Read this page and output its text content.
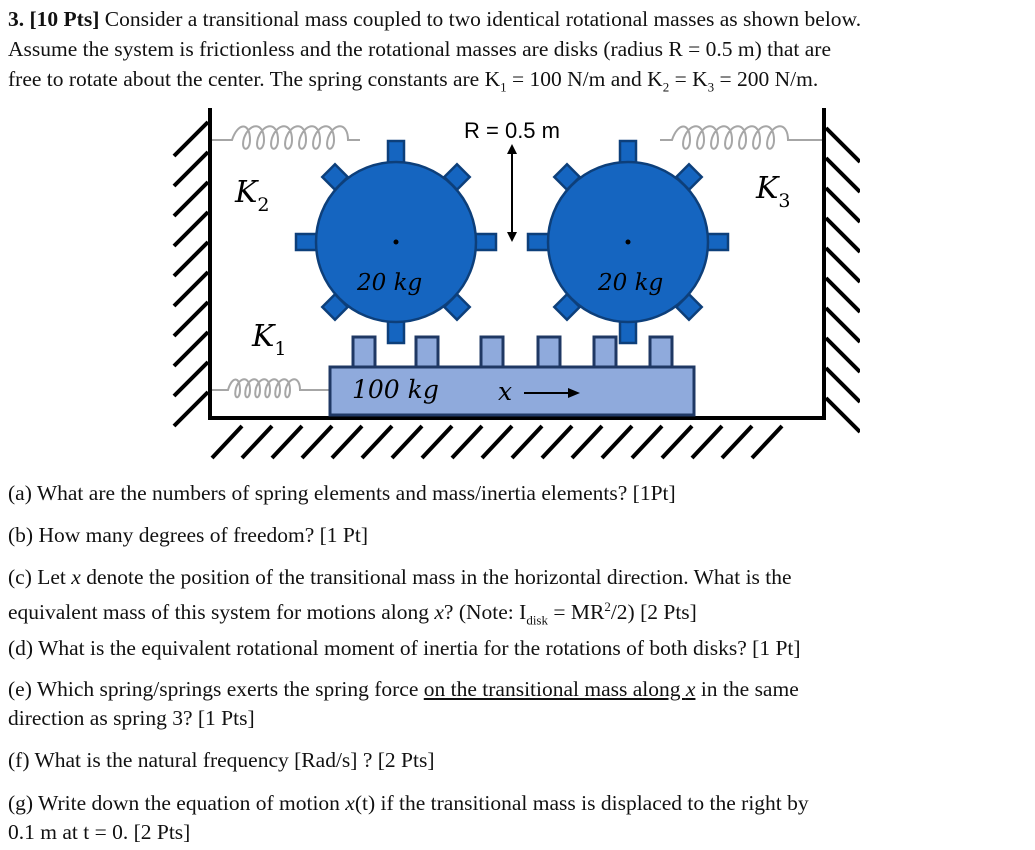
3. [10 Pts] Consider a transitional mass coupled to two identical rotational masses as shown below.
Assume the system is frictionless and the rotational masses are disks (radius R = 0.5 m) that are
free to rotate about the center. The spring constants are $K_1 = 100$ N/m and $K_2 = K_3 = 200$ N/m.
R = 0.5 m
$K_2$	$K_3$
$K_1$
20 kg	20 kg
100 kg x
(a) What are the numbers of spring elements and mass/inertia elements? [1Pt]
(b) How many degrees of freedom? [1 Pt]
(c) Let x denote the position of the transitional mass in the horizontal direction. What is the
equivalent mass of this system for motions along x? (Note: $I_{disk} = MR^2/2$) [2 Pts]
(d) What is the equivalent rotational moment of inertia for the rotations of both disks? [1 Pt]
(e) Which spring/springs exerts the spring force on the transitional mass along x in the same
direction as spring 3? [1 Pts]
(f) What is the natural frequency [Rad/s] ? [2 Pts]
(g) Write down the equation of motion x(t) if the transitional mass is displaced to the right by
0.1 m at t = 0. [2 Pts]
